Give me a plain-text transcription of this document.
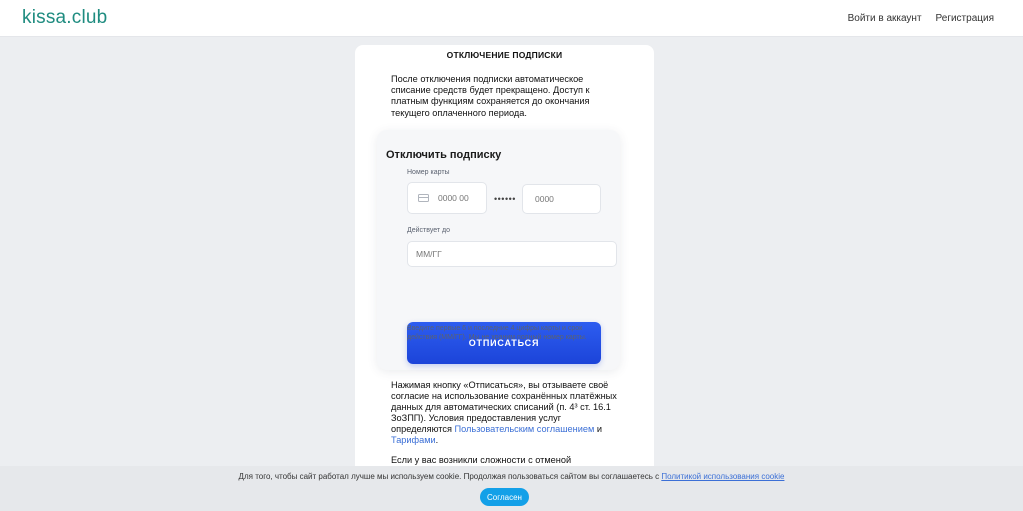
kissa.club	Войти в аккаунт Регистрация
ОТКЛЮЧЕНИЕ ПОДПИСКИ
После отключения подписки автоматическое списание средств будет прекращено. Доступ к платным функциям сохраняется до окончания текущего оплаченного периода.
Отключить подписку
Номер карты
0000 00	•••••• 0000
Действует до
ММ/ГГ
ОТПИСАТЬСЯ
Введите первые 6 и последние 4 цифры карты и срок действия (ММ/ГГ). Мы не храним полный номер карты.
Нажимая кнопку «Отписаться», вы отзываете своё согласие на использование сохранённых платёжных данных для автоматических списаний (п. 4³ ст. 16.1 ЗоЗПП). Условия предоставления услуг определяются Пользовательским соглашением и Тарифами.
Если у вас возникли сложности с отменой
Для того, чтобы сайт работал лучше мы используем cookie. Продолжая пользоваться сайтом вы соглашаетесь с Политикой использования cookie
Согласен
